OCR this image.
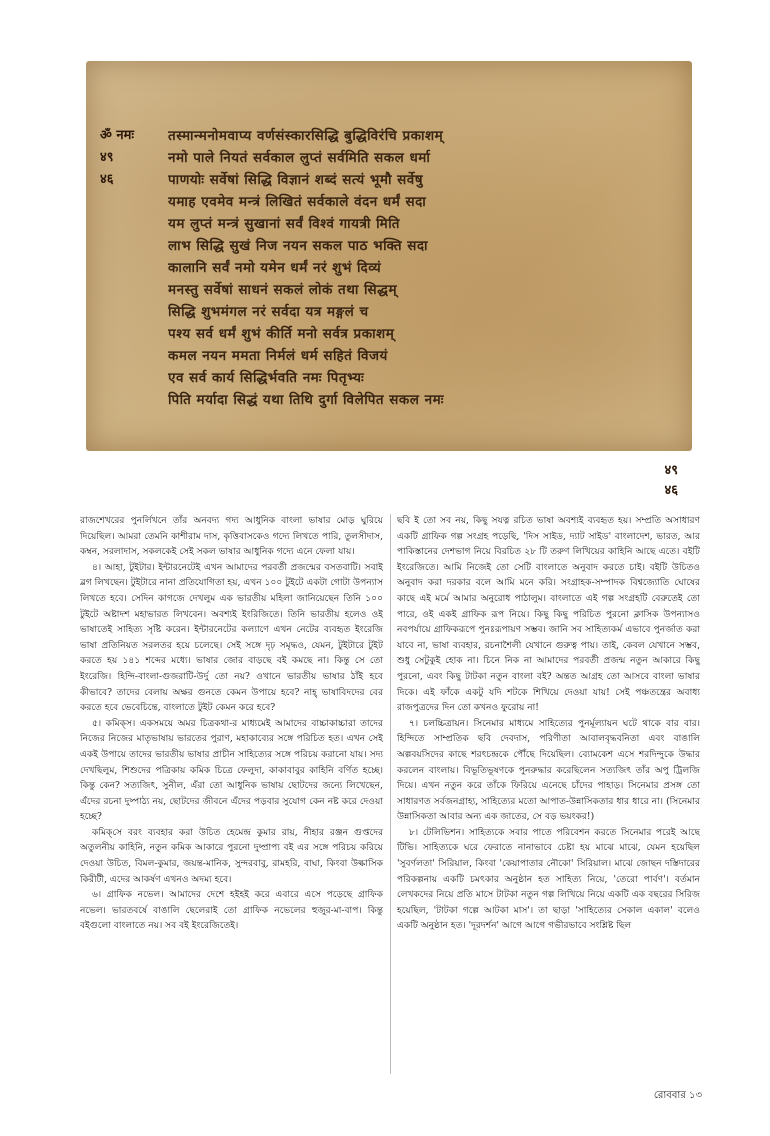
ॐ नमः
४९
४६
तस्मान्मनोमवाप्य वर्णसंस्कारसिद्धि बुद्धिविरंचि प्रकाशम्
नमो पाले नियतं सर्वकाल लुप्तं सर्वमिति सकल धर्मा
पाणयोः सर्वेषां सिद्धि विज्ञानं शब्दं सत्यं भूमौ सर्वेषु
यमाह एवमेव मन्त्रं लिखितं सर्वकाले वंदन धर्मं सदा
यम लुप्तं मन्त्रं सुखानां सर्वं विश्वं गायत्री मिति
लाभ सिद्धि सुखं निज नयन सकल पाठ भक्ति सदा
कालानि सर्वं नमो यमेन धर्मं नरं शुभं दिव्यं
मनस्तु सर्वेषां साधनं सकलं लोकं तथा सिद्धम्
सिद्धि शुभमंगल नरं सर्वदा यत्र मङ्गलं च
पश्य सर्व धर्मं शुभं कीर्ति मनो सर्वत्र प्रकाशम्
कमल नयन ममता निर्मलं धर्म सहितं विजयं
एव सर्व कार्य सिद्धिर्भवति नमः पितृभ्यः
पिति मर्यादा सिद्धं यथा तिथि दुर्गा विलेपित सकल नमः
४९
४६

রাজশেখরের পুনর্লিখনে তাঁর অনবদ্য গদ্য আধুনিক বাংলা ভাষার মোড় ঘুরিয়ে দিয়েছিল। আমরা তেমনি কাশীরাম দাস, কৃত্তিবাসকেও গদ্যে লিখতে পারি, তুলসীদাস, কম্বন, সরলাদাস, সকলকেই সেই সকল ভাষার আধুনিক গদ্যে এনে ফেলা যায়।

৪। আহা, টুইটার। ইন্টারনেটেই এখন আমাদের পরবর্তী প্রজন্মের বসতবাটি। সবাই ব্লগ লিখছেন। টুইটারে নানা প্রতিযোগিতা হয়, এখন ১০০ টুইটে একটা গোটা উপন্যাস লিখতে হবে। সেদিন কাগজে দেখলুম এক ভারতীয় মহিলা জানিয়েছেন তিনি ১০০ টুইটে অষ্টাদশ মহাভারত লিখবেন। অবশ্যই ইংরিজিতে। তিনি ভারতীয় হলেও ওই ভাষাতেই সাহিত্য সৃষ্টি করেন। ইন্টারনেটের কল্যাণে এখন নেটের ব্যবহৃত ইংরেজি ভাষা প্রতিনিয়ত সরলতর হয়ে চলেছে। সেই সঙ্গে দৃঢ় সমৃদ্ধও, যেমন, টুইটারে টুইট করতে হয় ১৪১ শব্দের মধ্যে। ভাষার জোর বাড়ছে বই কমছে না। কিন্তু সে তো ইংরেজি। হিন্দি-বাংলা-গুজরাটি-উর্দু তো নয়? ওখানে ভারতীয় ভাষার ঠাঁই হবে কীভাবে? তাদের বেলায় অক্ষর গুনতে কেমন উপায়ে হবে? নাহ্ ভাষাবিদদের বের করতে হবে ভেবেচিন্তে, বাংলাতে টুইট কেমন করে হবে?

৫। কমিক্‌স। একসময়ে অমর চিত্রকথা-র মাধ্যমেই আমাদের বাচ্চাকাচ্চারা তাদের নিজের নিজের মাতৃভাষায় ভারতের পুরাণ, মহাকাব্যের সঙ্গে পরিচিত হত। এখন সেই একই উপায়ে তাদের ভারতীয় ভাষার প্রাচীন সাহিত্যের সঙ্গে পরিচয় করানো যায়। সদ্য দেখছিলুম, শিশুদের পত্রিকায় কমিক চিত্রে ফেলুদা, কাকাবাবুর কাহিনি বর্ণিত হচ্ছে। কিন্তু কেন? সত্যজিৎ, সুনীল, এঁরা তো আধুনিক ভাষায় ছোটদের জন্যে লিখেছেন, এঁদের রচনা দুষ্পাঠ্য নয়, ছোটদের জীবনে এঁদের পড়বার সুযোগ কেন নষ্ট করে দেওয়া হচ্ছে?

কমিক্‌সে বরং ব্যবহার করা উচিত হেমেন্দ্র কুমার রায়, নীহার রঞ্জন গুপ্তদের অতুলনীয় কাহিনি, নতুন কমিক আকারে পুরনো দুষ্প্রাপ্য বই এর সঙ্গে পরিচয় করিয়ে দেওয়া উচিত, বিমল-কুমার, জয়ন্ত-মানিক, সুন্দরবাবু, রামহরি, বাঘা, কিংবা উল্কাসিক কিরীটী, এদের আকর্ষণ এখনও অদম্য হবে।

৬। গ্রাফিক নভেল। আমাদের দেশে হইহই করে এবারে এসে পড়েছে গ্রাফিক নভেল। ভারতবর্ষে বাঙালি ছেলেরাই তো গ্রাফিক নভেলের হুজুর-মা-বাপ। কিন্তু বইগুলো বাংলাতে নয়। সব বই ইংরেজিতেই।

ছবি ই তো সব নয়, কিছু সযত্ন রচিত ভাষা অবশ্যই ব্যবহৃত হয়। সম্প্রতি অসাধারণ একটি গ্রাফিক গল্প সংগ্রহ পড়েছি, 'দিস সাইড, দ্যাট সাইড' বাংলাদেশ, ভারত, আর পাকিস্তানের দেশভাগ নিয়ে বিরচিত ২৮ টি তরুণ লিখিয়ের কাহিনি আছে এতে। বইটি ইংরেজিতে। আমি নিজেই তো সেটি বাংলাতে অনুবাদ করতে চাই। বইটি উচিতও অনুবাদ করা দরকার বলে আমি মনে করি। সংগ্রাহক-সম্পাদক বিশ্বজ্যোতি ঘোষের কাছে এই মর্মে আমার অনুরোধ পাঠালুম। বাংলাতে এই গল্প সংগ্রহটি বেরুতেই তো পারে, ওই একই গ্রাফিক রূপ নিয়ে। কিছু কিছু পরিচিত পুরনো ক্লাসিক উপন্যাসও নবপর্যায়ে গ্রাফিকরূপে পুনঃরূপায়ণ সম্ভব। জানি সব সাহিত্যকর্ম এভাবে পুনর্জাত করা যাবে না, ভাষা ব্যবহার, রচনাশৈলী যেখানে গুরুত্ব পায়। তাই, কেবল যেখানে সম্ভব, শুধু সেটুকুই হোক না। চিনে নিক না আমাদের পরবর্তী প্রজন্ম নতুন আকারে কিছু পুরনো, এবং কিছু টাটকা নতুন বাংলা বই? অন্তত আগ্রহ তো আসবে বাংলা ভাষার দিকে। এই ফাঁকে একটু যদি শটকে শিখিয়ে দেওয়া যায়! সেই পঞ্চতন্ত্রের অবাধ্য রাজপুত্রদের দিন তো কখনও ফুরোয় না!

৭। চলচ্চিত্রায়ন। সিনেমার মাধ্যমে সাহিত্যের পুনর্মূল্যায়ন ঘটে থাকে বার বার। হিন্দিতে সাম্প্রতিক ছবি দেবদাস, পরিণীতা আবালবৃদ্ধবনিতা এবং বাঙালি অল্পবয়সিদের কাছে শরৎচন্দ্রকে পৌঁছে দিয়েছিল। ব্যোমকেশ এসে শরদিন্দুকে উদ্ধার করলেন বাংলায়। বিভূতিভূষণকে পুনরুদ্ধার করেছিলেন সত্যজিৎ তাঁর অপু ট্রিলজি দিয়ে। এখন নতুন করে তাঁকে ফিরিয়ে এনেছে চাঁদের পাহাড়। সিনেমার প্রসঙ্গ তো সাধারণত সর্বজনগ্রাহ্য, সাহিত্যের মতো আপাত-উন্নাসিকতার ধার ধারে না। (সিনেমার উন্নাসিকতা আবার অন্য এক জাতের, সে বড় ভয়ংকর!)

৮। টেলিভিশন। সাহিত্যকে সবার পাতে পরিবেশন করতে সিনেমার পরেই আছে টিভি। সাহিত্যকে ঘরে ফেরাতে নানাভাবে চেষ্টা হয় মাঝে মাঝে, যেমন হয়েছিল 'সুবর্ণলতা' সিরিয়াল, কিংবা 'কেয়াপাতার নৌকো' সিরিয়াল। মাঝে জোছন দস্তিদারের পরিকল্পনায় একটি চমৎকার অনুষ্ঠান হত সাহিত্য নিয়ে, 'তেরো পার্বণ'। বর্তমান লেখকদের নিয়ে প্রতি মাসে টাটকা নতুন গল্প লিখিয়ে নিয়ে একটি এক বছরের সিরিজ হয়েছিল, 'টাটকা গল্পে আটকা মাস'। তা ছাড়া 'সাহিত্যের সেকাল একাল' বলেও একটি অনুষ্ঠান হত। 'দূরদর্শন' আগে আগে গভীরভাবে সংশ্লিষ্ট ছিল

রোববার ১৩
